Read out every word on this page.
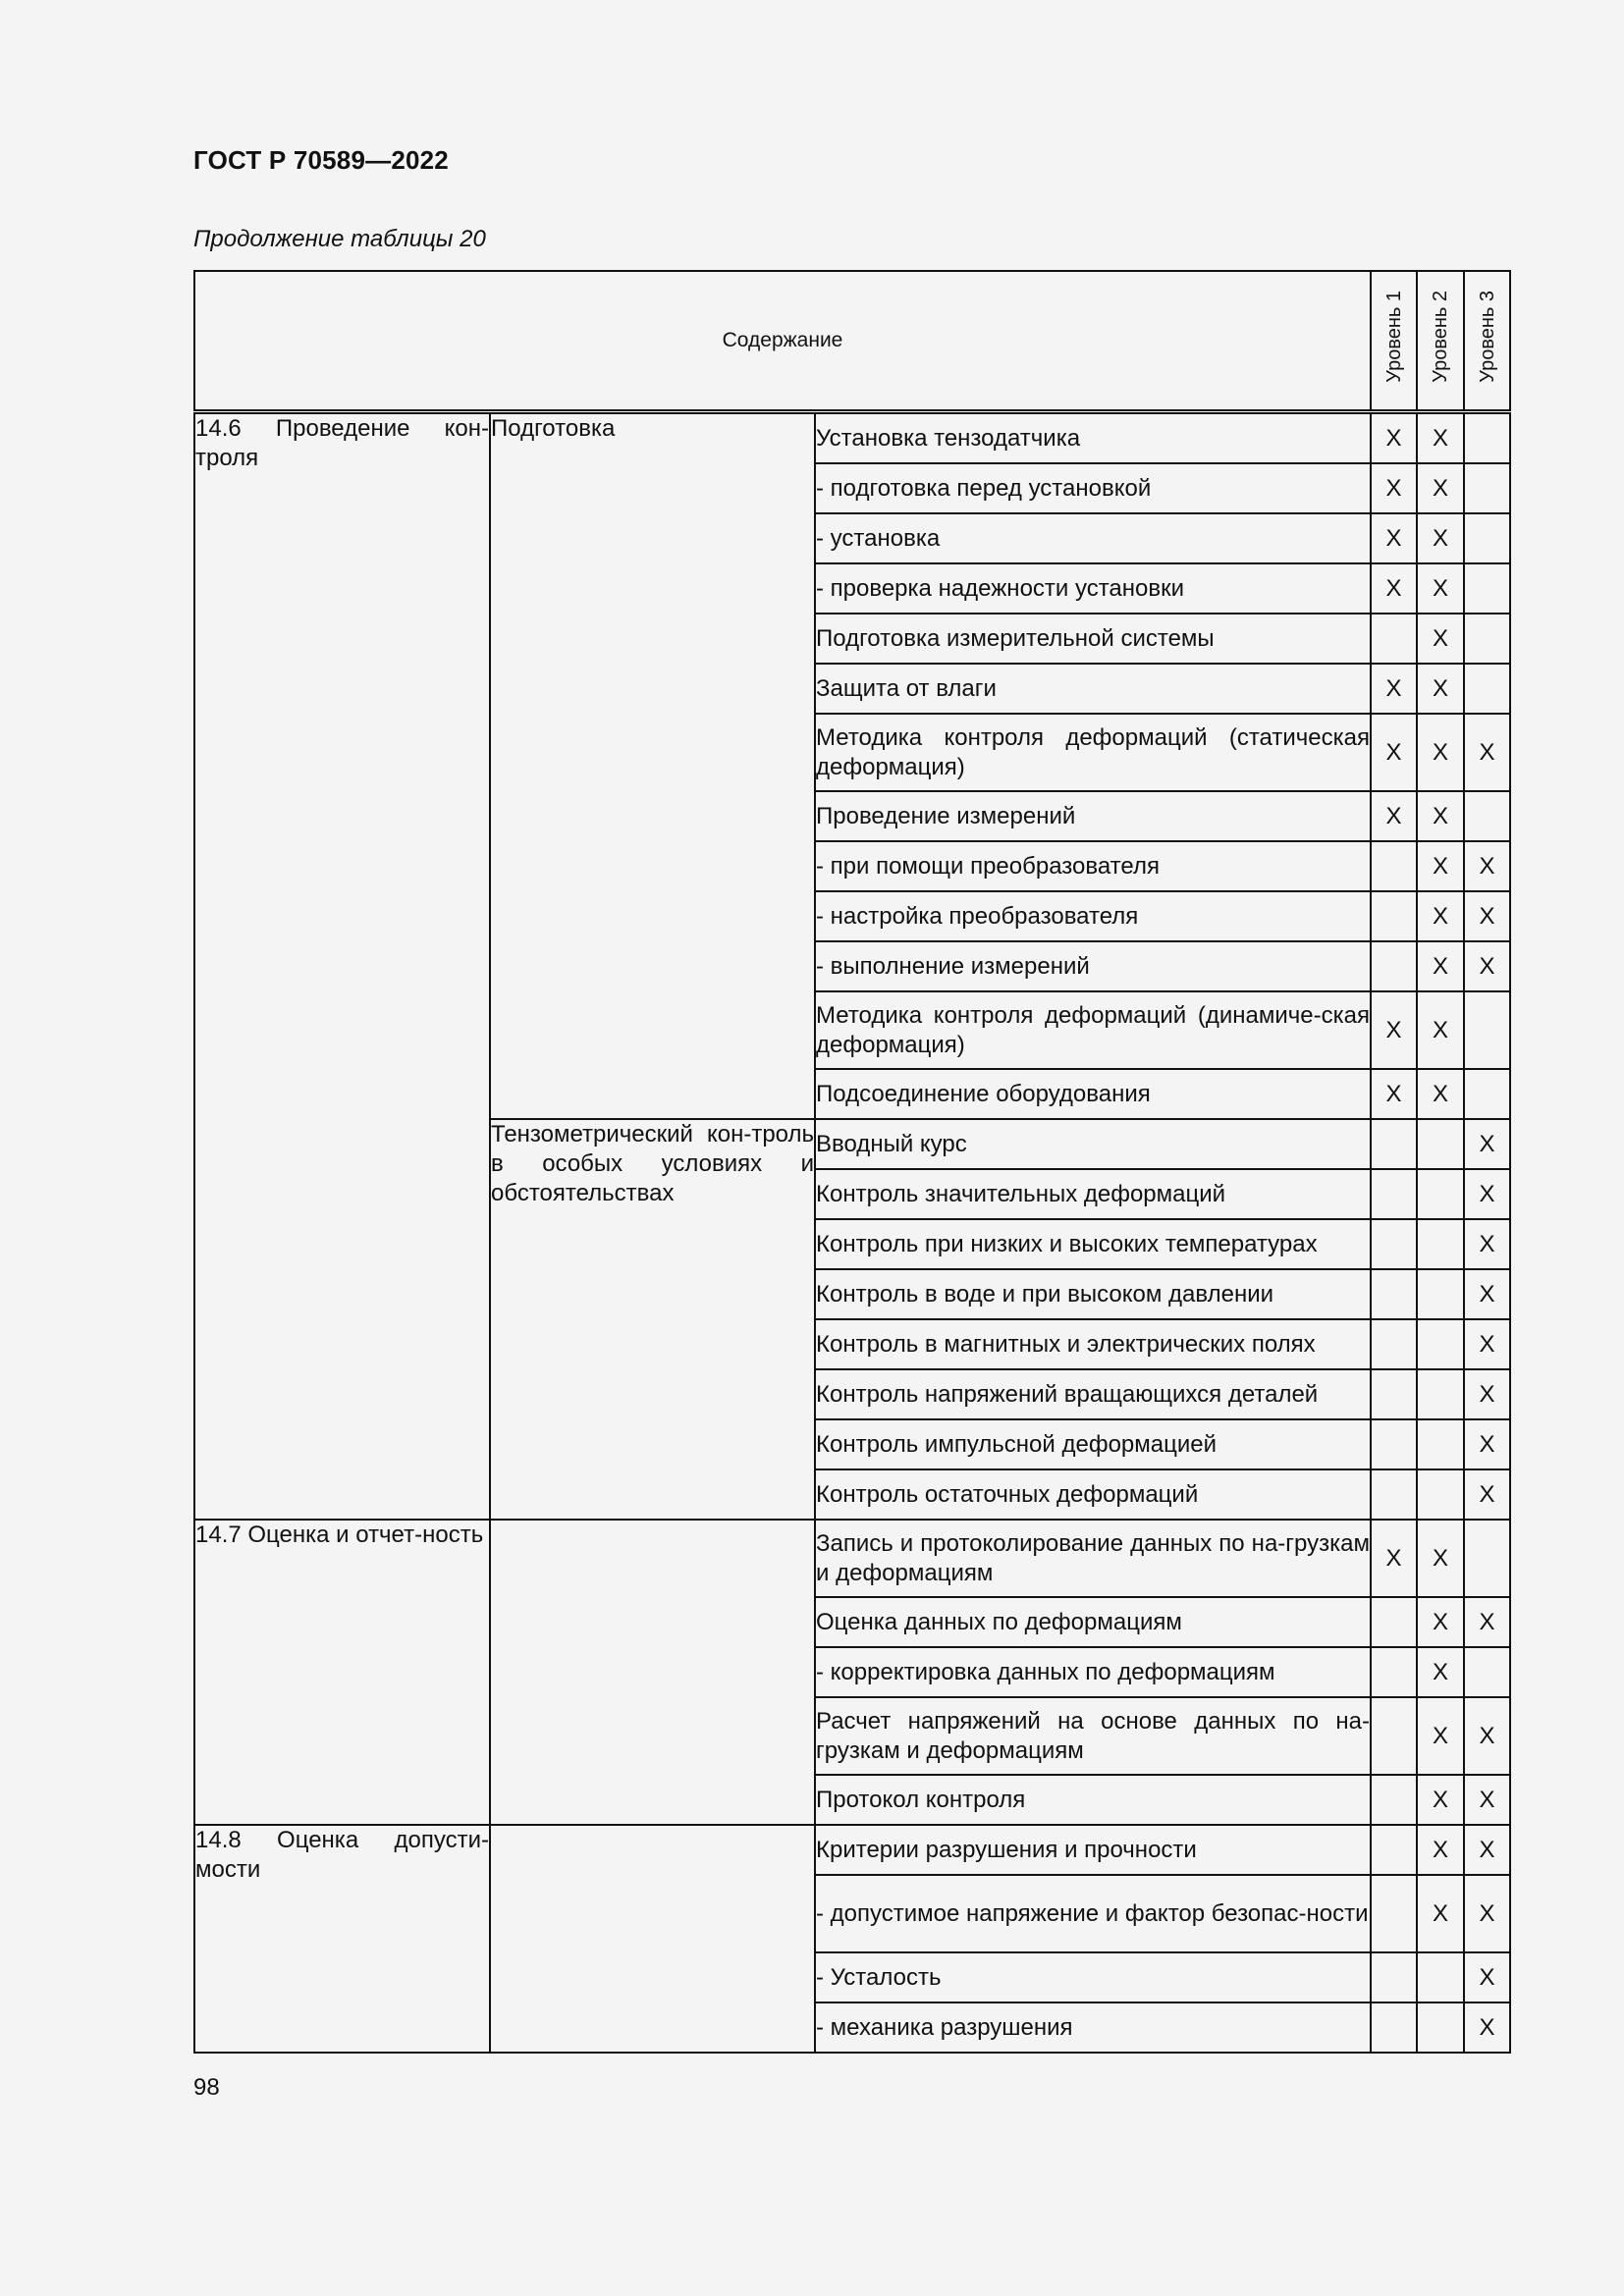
ГОСТ Р 70589—2022
Продолжение таблицы 20
Содержание			Уровень 1	Уровень 2	Уровень 3
14.6 Проведение кон-троля	Подготовка	Установка тензодатчика	X	X	
		- подготовка перед установкой	X	X	
		- установка	X	X	
		- проверка надежности установки	X	X	
		Подготовка измерительной системы		X	
		Защита от влаги	X	X	
		Методика контроля деформаций (статическая деформация)	X	X	X
		Проведение измерений	X	X	
		- при помощи преобразователя		X	X
		- настройка преобразователя		X	X
		- выполнение измерений		X	X
		Методика контроля деформаций (динамиче-ская деформация)	X	X	
		Подсоединение оборудования	X	X	
	Тензометрический кон-троль в особых условиях и обстоятельствах	Вводный курс			X
		Контроль значительных деформаций			X
		Контроль при низких и высоких температурах			X
		Контроль в воде и при высоком давлении			X
		Контроль в магнитных и электрических полях			X
		Контроль напряжений вращающихся деталей			X
		Контроль импульсной деформацией			X
		Контроль остаточных деформаций			X
14.7 Оценка и отчет-ность		Запись и протоколирование данных по на-грузкам и деформациям	X	X	
		Оценка данных по деформациям		X	X
		- корректировка данных по деформациям		X	
		Расчет напряжений на основе данных по на-грузкам и деформациям		X	X
		Протокол контроля		X	X
14.8 Оценка допусти-мости		Критерии разрушения и прочности		X	X
		- допустимое напряжение и фактор безопас-ности		X	X
		- Усталость			X
		- механика разрушения			X
98
